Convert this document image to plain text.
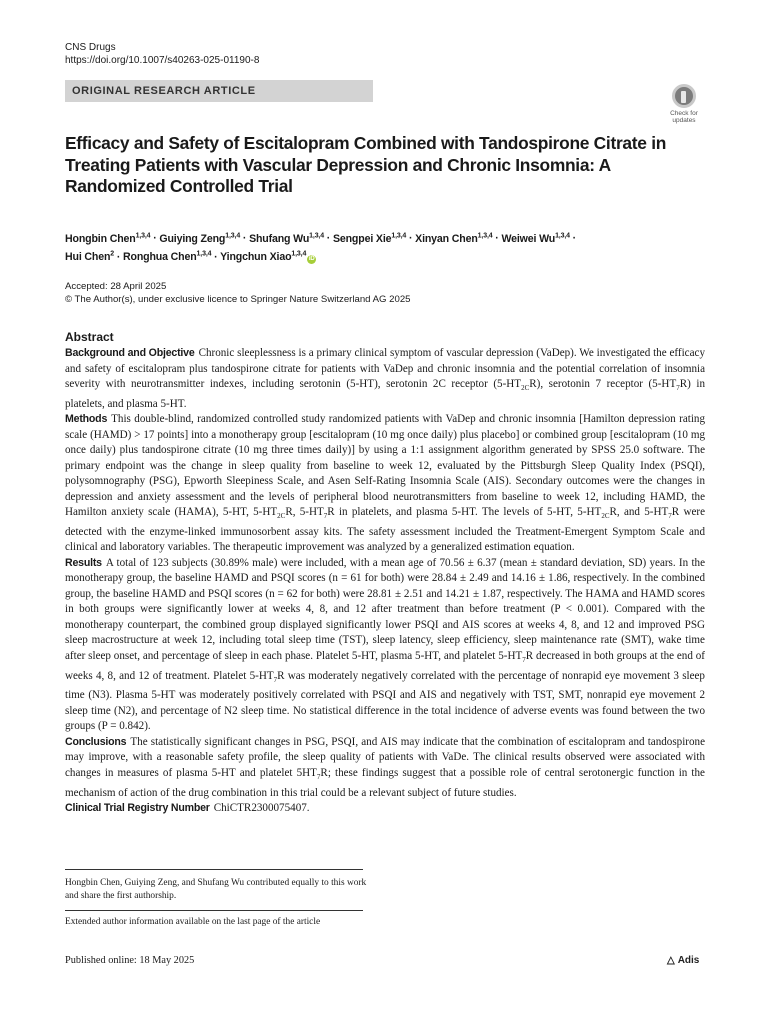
CNS Drugs
https://doi.org/10.1007/s40263-025-01190-8
ORIGINAL RESEARCH ARTICLE
Check for
updates
Efficacy and Safety of Escitalopram Combined with Tandospirone Citrate in Treating Patients with Vascular Depression and Chronic Insomnia: A Randomized Controlled Trial
Hongbin Chen$^{1,3,4}$ · Guiying Zeng$^{1,3,4}$ · Shufang Wu$^{1,3,4}$ · Sengpei Xie$^{1,3,4}$ · Xinyan Chen$^{1,3,4}$ · Weiwei Wu$^{1,3,4}$ ·
Hui Chen$^2$ · Ronghua Chen$^{1,3,4}$ · Yingchun Xiao$^{1,3,4}$iD
Accepted: 28 April 2025
© The Author(s), under exclusive licence to Springer Nature Switzerland AG 2025
Abstract

Background and Objective Chronic sleeplessness is a primary clinical symptom of vascular depression (VaDep). We investigated the efficacy and safety of escitalopram plus tandospirone citrate for patients with VaDep and chronic insomnia and the potential correlation of insomnia severity with neurotransmitter indexes, including serotonin (5-HT), serotonin 2C receptor $(5-HT_{2C}R)$, serotonin 7 receptor $(5-HT_7R)$ in platelets, and plasma 5-HT.

Methods This double-blind, randomized controlled study randomized patients with VaDep and chronic insomnia [Hamilton depression rating scale (HAMD) > 17 points] into a monotherapy group [escitalopram (10 mg once daily) plus placebo] or combined group [escitalopram (10 mg once daily) plus tandospirone citrate (10 mg three times daily)] by using a 1:1 assignment algorithm generated by SPSS 25.0 software. The primary endpoint was the change in sleep quality from baseline to week 12, evaluated by the Pittsburgh Sleep Quality Index (PSQI), polysomnography (PSG), Epworth Sleepiness Scale, and Asen Self-Rating Insomnia Scale (AIS). Secondary outcomes were the changes in depression and anxiety assessment and the levels of peripheral blood neurotransmitters from baseline to week 12, including HAMD, the Hamilton anxiety scale (HAMA), 5-HT, $5-HT_{2C}R$, $5-HT_7R$ in platelets, and plasma 5-HT. The levels of 5-HT, $5-HT_{2C}R$, and $5-HT_7R$ were detected with the enzyme-linked immunosorbent assay kits. The safety assessment included the Treatment-Emergent Symptom Scale and clinical and laboratory variables. The therapeutic improvement was analyzed by a generalized estimation equation.

Results A total of 123 subjects (30.89% male) were included, with a mean age of 70.56 ± 6.37 (mean ± standard deviation, SD) years. In the monotherapy group, the baseline HAMD and PSQI scores (n = 61 for both) were 28.84 ± 2.49 and 14.16 ± 1.86, respectively. In the combined group, the baseline HAMD and PSQI scores (n = 62 for both) were 28.81 ± 2.51 and 14.21 ± 1.87, respectively. The HAMA and HAMD scores in both groups were significantly lower at weeks 4, 8, and 12 after treatment than before treatment (P < 0.001). Compared with the monotherapy counterpart, the combined group displayed significantly lower PSQI and AIS scores at weeks 4, 8, and 12 and improved PSG sleep macrostructure at week 12, including total sleep time (TST), sleep latency, sleep efficiency, sleep maintenance rate (SMT), wake time after sleep onset, and percentage of sleep in each phase. Platelet 5-HT, plasma 5-HT, and platelet $5-HT_7R$ decreased in both groups at the end of weeks 4, 8, and 12 of treatment. Platelet $5-HT_7R$ was moderately negatively correlated with the percentage of nonrapid eye movement 3 sleep time (N3). Plasma 5-HT was moderately positively correlated with PSQI and AIS and negatively with TST, SMT, nonrapid eye movement 2 sleep time (N2), and percentage of N2 sleep time. No statistical difference in the total incidence of adverse events was found between the two groups (P = 0.842).

Conclusions The statistically significant changes in PSG, PSQI, and AIS may indicate that the combination of escitalopram and tandospirone may improve, with a reasonable safety profile, the sleep quality of patients with VaDe. The clinical results observed were associated with changes in measures of plasma 5-HT and platelet $5HT_7R$; these findings suggest that a possible role of central serotonergic function in the mechanism of action of the drug combination in this trial could be a relevant subject of future studies.

Clinical Trial Registry Number ChiCTR2300075407.

Hongbin Chen, Guiying Zeng, and Shufang Wu contributed equally to this work and share the first authorship.
Extended author information available on the last page of the article
Published online: 18 May 2025	△ Adis
